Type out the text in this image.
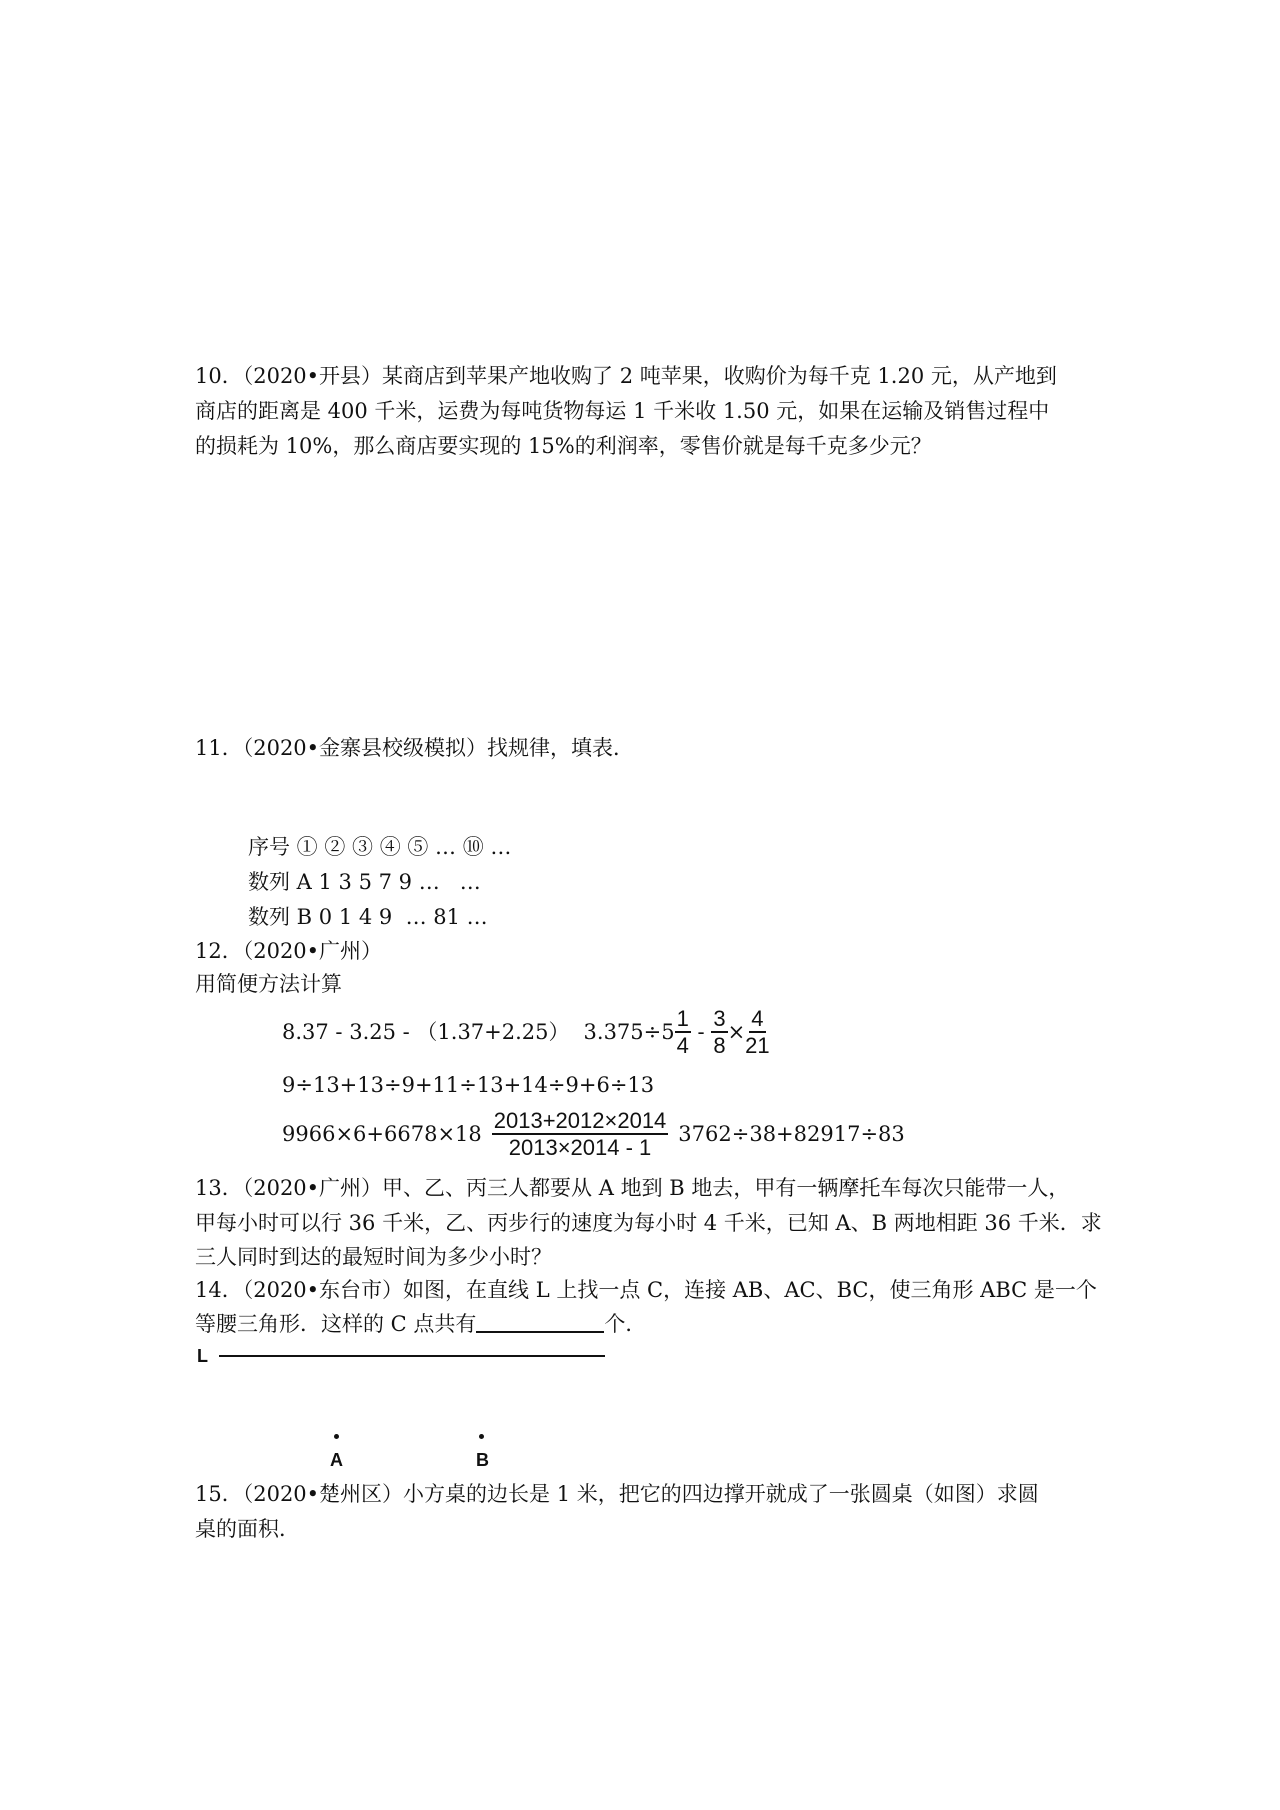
10．（2020•开县）某商店到苹果产地收购了 2 吨苹果，收购价为每千克 1.20 元，从产地到
商店的距离是 400 千米，运费为每吨货物每运 1 千米收 1.50 元，如果在运输及销售过程中
的损耗为 10%，那么商店要实现的 15%的利润率，零售价就是每千克多少元？
11．（2020•金寨县校级模拟）找规律，填表．
序号 ① ② ③ ④ ⑤ … ⑩ …
数列 A 1 3 5 7 9 …   …
数列 B 0 1 4 9  … 81 …
12．（2020•广州）
用简便方法计算
8.37 - 3.25 - （1.37+2.25） $3.375\div 5 \frac{1}{4} - \frac{3}{8} \times \frac{4}{21}$
9÷13+13÷9+11÷13+14÷9+6÷13
$9966\times 6+6678\times 18 \frac{2013+2012\times 2014}{2013\times 2014 - 1} 3762\div 38+82917\div 83$
13．（2020•广州）甲、乙、丙三人都要从 A 地到 B 地去，甲有一辆摩托车每次只能带一人，
甲每小时可以行 36 千米，乙、丙步行的速度为每小时 4 千米，已知 A、B 两地相距 36 千米．求
三人同时到达的最短时间为多少小时？
14．（2020•东台市）如图，在直线 L 上找一点 C，连接 AB、AC、BC，使三角形 ABC 是一个
等腰三角形．这样的 C 点共有	个．
L
A	B
15．（2020•楚州区）小方桌的边长是 1 米，把它的四边撑开就成了一张圆桌（如图）求圆
桌的面积．
